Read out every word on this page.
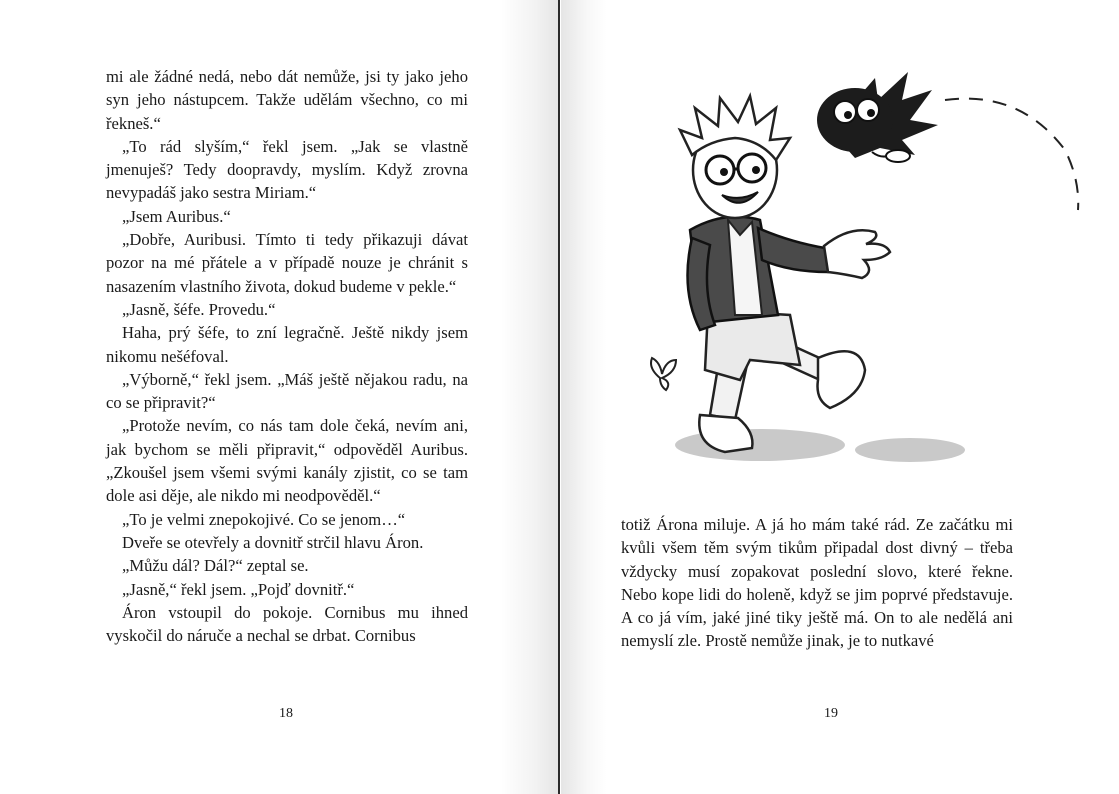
mi ale žádné nedá, nebo dát nemůže, jsi ty jako jeho syn jeho nástupcem. Takže udělám všechno, co mi řekneš.“

„To rád slyším,“ řekl jsem. „Jak se vlastně jmenuješ? Tedy doopravdy, myslím. Když zrovna nevypadáš jako sestra Miriam.“

„Jsem Auribus.“

„Dobře, Auribusi. Tímto ti tedy přikazuji dávat pozor na mé přátele a v případě nouze je chránit s nasazením vlastního života, dokud budeme v pekle.“

„Jasně, šéfe. Provedu.“

Haha, prý šéfe, to zní legračně. Ještě nikdy jsem nikomu nešéfoval.

„Výborně,“ řekl jsem. „Máš ještě nějakou radu, na co se připravit?“

„Protože nevím, co nás tam dole čeká, nevím ani, jak bychom se měli připravit,“ odpověděl Auribus. „Zkoušel jsem všemi svými kanály zjistit, co se tam dole asi děje, ale nikdo mi neodpověděl.“

„To je velmi znepokojivé. Co se jenom…“

Dveře se otevřely a dovnitř strčil hlavu Áron.

„Můžu dál? Dál?“ zeptal se.

„Jasně,“ řekl jsem. „Pojď dovnitř.“

Áron vstoupil do pokoje. Cornibus mu ihned vyskočil do náruče a nechal se drbat. Cornibus

18

totiž Árona miluje. A já ho mám také rád. Ze začátku mi kvůli všem těm svým tikům připadal dost divný – třeba vždycky musí zopakovat poslední slovo, které řekne. Nebo kope lidi do holeně, když se jim poprvé představuje. A co já vím, jaké jiné tiky ještě má. On to ale nedělá ani nemyslí zle. Prostě nemůže jinak, je to nutkavé

19
